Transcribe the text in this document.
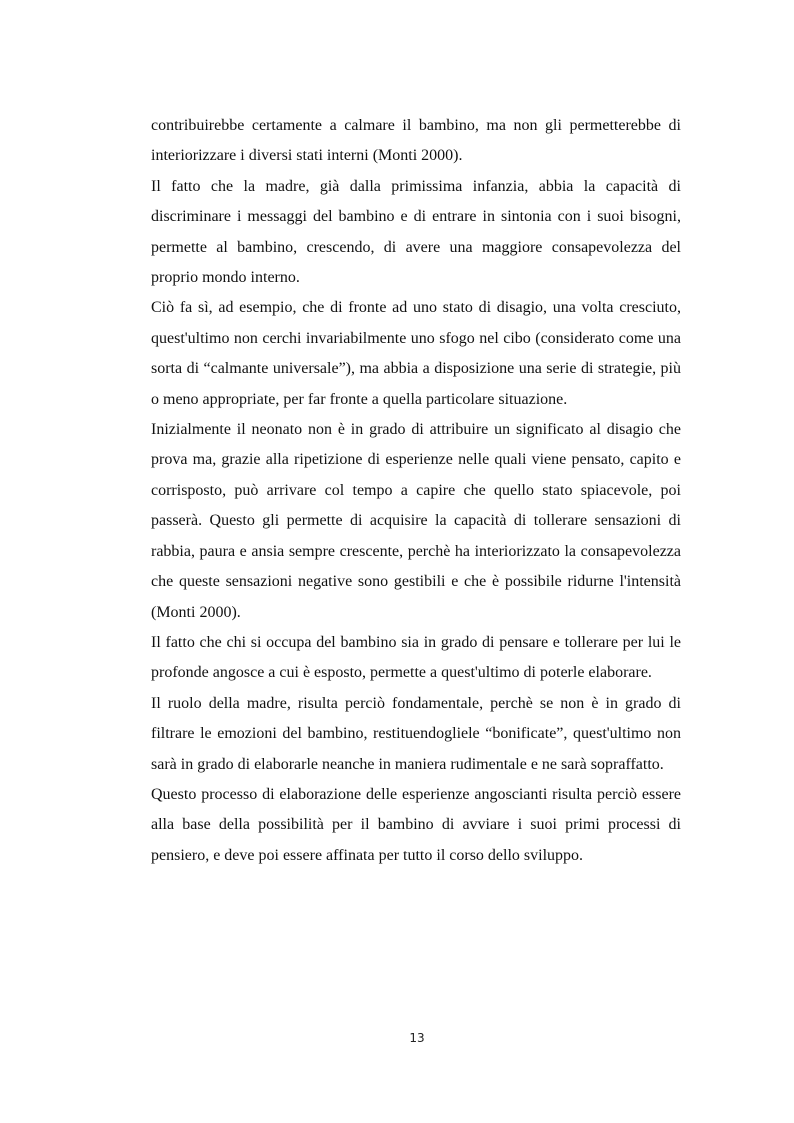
contribuirebbe certamente a calmare il bambino, ma non gli permetterebbe di interiorizzare i diversi stati interni (Monti 2000).

Il fatto che la madre, già dalla primissima infanzia, abbia la capacità di discriminare i messaggi del bambino e di entrare in sintonia con i suoi bisogni, permette al bambino, crescendo, di avere una maggiore consapevolezza del proprio mondo interno.

Ciò fa sì, ad esempio, che di fronte ad uno stato di disagio, una volta cresciuto, quest'ultimo non cerchi invariabilmente uno sfogo nel cibo (considerato come una sorta di “calmante universale”), ma abbia a disposizione una serie di strategie, più o meno appropriate, per far fronte a quella particolare situazione.

Inizialmente il neonato non è in grado di attribuire un significato al disagio che prova ma, grazie alla ripetizione di esperienze nelle quali viene pensato, capito e corrisposto, può arrivare col tempo a capire che quello stato spiacevole, poi passerà. Questo gli permette di acquisire la capacità di tollerare sensazioni di rabbia, paura e ansia sempre crescente, perchè ha interiorizzato la consapevolezza che queste sensazioni negative sono gestibili e che è possibile ridurne l'intensità (Monti 2000).

Il fatto che chi si occupa del bambino sia in grado di pensare e tollerare per lui le profonde angosce a cui è esposto, permette a quest'ultimo di poterle elaborare.

Il ruolo della madre, risulta perciò fondamentale, perchè se non è in grado di filtrare le emozioni del bambino, restituendogliele “bonificate”, quest'ultimo non sarà in grado di elaborarle neanche in maniera rudimentale e ne sarà sopraffatto.

Questo processo di elaborazione delle esperienze angoscianti risulta perciò essere alla base della possibilità per il bambino di avviare i suoi primi processi di pensiero, e deve poi essere affinata per tutto il corso dello sviluppo.

13
